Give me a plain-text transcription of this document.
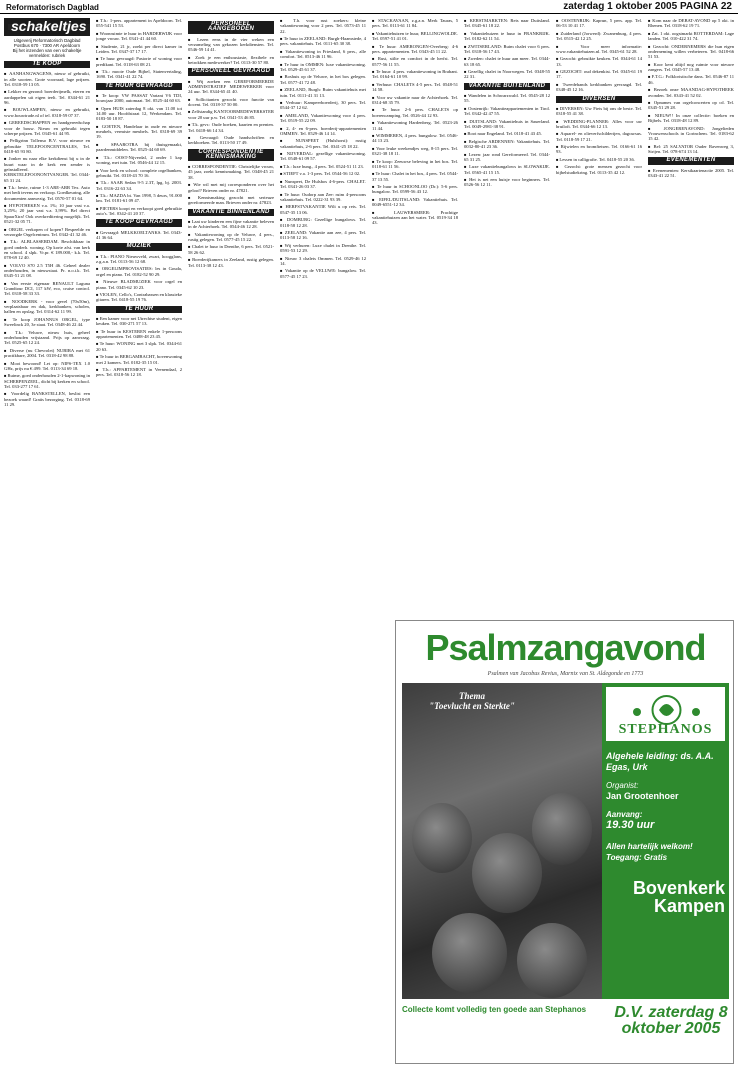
Reformatorisch Dagblad	zaterdag 1 oktober 2005 PAGINA 22
schakeltjes
Uitgeverij Reformatorisch Dagblad
Postbus 670 · 7300 AR Apeldoorn
Bij het inzenden van een schakeltje vermelden: rubriek
TE KOOP

■ AANHANGWAGENS, nieuw of gebruikt, in alle soorten. Grote voorraad, lage prijzen. Tel. 0318-59 13 05.

■ Lekker en gezond: boerderijmelk, eieren en aardappelen uit eigen teelt. Tel. 0344-61 21 96.

■ BOUWLAMPEN, nieuw en gebruikt, www.bouwtrade.nl of tel. 0318-59 07 37.

■ GEREEDSCHAPPEN en handgereedschap voor de bouw. Nieuw en gebruikt tegen scherpe prijzen. Tel. 0345-61 44 95.

■ Pelligrinn Tollenso B.V. voor nieuwe en gebruikte TELEFOONCENTRALES, Tel. 0418-65 93 80.

■ Jonker nu naar elke kerkdienst bij u in de buurt waar in de kerk een zender is geïnstalleerd. KERKTELEFOONONTVANGER. Tel. 0344-65 31 24.

■ T.k.: beste, ruime 1-3 ARE-ARR Tex. Auto met bedt tevens en verkoop. Goedkeuring, alle documenten aanwezig. Tel. 0570-57 01 64.

■ HYPOTHEKEN v.a. 1%; 10 jaar vast v.a. 3,25%; 20 jaar vast v.a. 3,99%. Bel direct SpaarXtra! Ook overkreditering mogelijk. Tel. 0521-32 05 71.

■ ORGEL verkopen of kopen? Bespeelde en verzorgde Orgelcentrum. Tel. 0342-41 32 46.

■ T.k.: ALBLASSERDAM. Beschikbaar in goed onderh. woning. Op korte afst. van kerk en school. 4 slpk. Vr.pr. € 189.000,- k.k. Tel. 078-69 12 40.

■ VOLVO S70 2.5 T5H 46. Geheel dealer onderhouden, in nieuwstaat. Pr. n.o.t.k. Tel. 0345-51 21 08.

■ Van eerste eigenaar RENAULT Laguna Grandtour DCI, 117 kW, eco, cruise control. Tel. 0318-58 33 33.

■ NOODKERK - voor gevel (70x50m), verplaatsbaar en dak, kerkbanken, scholen, hallen en opslag. Tel. 0314-62 11 99.

■ Te koop JOHANNUS ORGEL, type Sweelinck 20, 3e staat. Tel. 0348-46 22 44.

■ T.k.: Veluwe, nieuw huis, geheel onderhouden vrijstaand. Prijs op aanvraag. Tel. 0525-65 12 24.

■ Diverse (nu Chevrolet) NUBIRA met 61 practikbare, 2004. Tel. 0318-42 98 88.

■ Mooi bewoond! Let op: NIPS-TEX 1.0 GHz, prijs nu € 499. Tel. 0113-34 69 18.

■ Ruime, goed onderhouden 2-1-kapwoning in SCHERPENZEEL, dicht bij kerken en school. Tel. 033-277 17 61.

■ Voordelig BANKSTELLEN, beslist een bezoek waard! Gratis bezorging. Tel. 0318-69 11 29.

■ T.h.: 1-pers. appartement in Apeldoorn. Tel. 055-541 15 53.

■ Woonruimte te huur in HARDERWIJK voor jonge vrouw. Tel. 0341-41 44 60.

■ Studente, 21 jr, zoekt per direct kamer in Leiden. Tel. 0347-37 17 17.

■ Te huur gevraagd: Pastorie of woning voor predikant. Tel. 0118-63 08 21.

■ T.k.: mooie Oude Bijbel, Statenvertaling, 1690. Tel. 0341-41 22 74.

TE HUUR GEVRAAGD

■ Te koop: VW PASSAT Variant V6 TDI, bouwjaar 2000, automaat. Tel. 0525-44 60 63.

■ Open HUIS zaterdag 8 okt. van 11.00 tot 14.00 uur. Hoofdstraat 12, Werkendam. Tel. 0183-50 18 87.

■ GOETEN, Handelaar in oude en nieuwe meubels, vermiste meubels. Tel. 0318-69 39 19.

■ SPAAROTRA bij thuisgemaakt, paardenmiddelen. Tel. 0525-44 60 69.

■ T.k.: OOST-Nijverdal, 2 onder 1 kap woning, met tuin. Tel. 0546-44 12 15.

■ Voor kerk en school: complete orgelbanken, gebruikt. Tel. 0318-43 70 16.

■ T.k.: SAAB Sedan 9-5 2.3T, lpg, bj. 2003. Tel. 0316-22 63 34.

■ T.k.: MAZDA bt. Van 1998, 5 deurs, 91.000 km. Tel. 0181-61 09 47.

■ PIETERS koopt en verkoopt goed gebruikte auto's. Tel. 0342-41 20 37.

TE KOOP GEVRAAGD

■ Gevraagd: MELKKOELTANKS. Tel. 0343-41 36 64.

MUZIEK

■ T.k.: PIANO Nieuwveld, zwart, hoogglans, z.g.a.n. Tel. 0113-56 12 68.

■ ORGELIMPROVISATIES: les in Gouda, orgel en piano. Tel. 0182-52 90 29.

■ Nieuwe BLADMUZIEK voor orgel en piano. Tel. 0345-62 10 23.

■ VIOLEN, Cello's, Contrabassen en klassieke gitaren. Tel. 0418-55 19 76.

TE HUUR

■ Een kamer voor net Utrechtse student, eigen keuken. Tel. 030-271 57 13.

■ Te huur in KESTEREN enkele 1-persoons appartementen. Tel. 0488-48 23 45.

■ Te huur: WONING met 3 slpk. Tel. 0344-61 20 63.

■ Te huur in BERGAMBACHT, bovenwoning met 2 kamers. Tel. 0182-35 15 01.

■ T.h.: APPARTEMENT in Veenendaal, 2 pers. Tel. 0318-56 12 18.

PERSONEEL AANGEBODEN

■ Lezen eens in de vier weken een verzameling van gekozen kerkdiensten. Tel. 0546-59 14 41.

■ Zoek je een enthousiaste, flexibele en betrokken medewerker? Tel. 0113-30 57 80.

PERSONEEL GEVRAAGD

■ Wij zoeken een GEREFORMEERDE ADMINISTRATIEF MEDEWERKER voor 24 uur. Tel. 0344-65 41 40.

■ Sollicitanten gezocht voor functie van docent. Tel. 0318-37 50 00.

■ Zelfstandig KANTOORMEDEWERKSTER voor 20 uur p.w. Tel. 0341-53 46 85.

■ T.k. gevr.: Oude boeken, kaarten en prenten. Tel. 0418-66 14 34.

■ Gevraagd: Oude handschriften en kerkboeken. Tel. 0113-50 17 49.

CORRESPONDENTIE KENNISMAKING

■ CORRESPONDENTIE: Christelijke vrouw, 45 jaar, zoekt kennismaking. Tel. 0348-45 21 38.

■ Wie wil met mij corresponderen over het geloof? Brieven onder nr. 47821.

■ Kennismaking gezocht met serieuze gereformeerde man. Brieven onder nr. 47823.

VAKANTIE BINNENLAND

■ Laat uw kinderen een fijne vakantie beleven in de Achterhoek. Tel. 0544-46 12 28.

■ Vakantiewoning op de Veluwe, 4 pers., rustig gelegen. Tel. 0577-45 15 22.

■ Chalet te huur in Drenthe, 6 pers. Tel. 0521-58 26 62.

■ Boerderijkamers in Zeeland, rustig gelegen. Tel. 0113-38 12 43.

■ T.h. voor rust zoekers: kleine vakantiewoning voor 2 pers. Tel. 0573-45 11 22.

■ Te huur in ZEELAND: Burgh-Haamstede, 4 pers. vakantiehuis. Tel. 0111-65 30 38.

■ Vakantiewoning in Friesland, 6 pers., alle comfort. Tel. 0513-46 11 96.

■ Te huur in OMMEN: luxe vakantiewoning. Tel. 0529-45 61 37.

■ Boshuis op de Veluwe, in het bos gelegen. Tel. 0577-41 72 48.

■ ZEELAND, Burgh: Ruim vakantiehuis met tuin. Tel. 0111-41 31 13.

■ Verhuur: Kampeerboerderij, 30 pers. Tel. 0544-37 12 62.

■ AMELAND, Vakantiewoning voor 4 pers. Tel. 0519-55 22 09.

■ 2, 4- en 6-pers. boerderij-appartementen OMMEN. Tel. 0529-46 14 14.

■ NUNSPEET (Hulshorst): rustig vakantiehuis, 2-6 pers. Tel. 0341-25 18 22.

■ NIJVERDAL: gezellige vakantiewoning. Tel. 0548-61 09 57.

■ T.h.: luxe bung., 4 pers. Tel. 0524-51 11 23.

■ STIEFT v.a. 1-3 pers. Tel. 0544-56 12 02.

■ Nunspeet, De Hulsbos 4-6-pers. CHALET. Tel. 0341-26 03 37.

■ Te huur: Oudorp aan Zee: ruim 4-persoons vakantiehuis. Tel. 0222-31 93 39.

■ HERFSTVAKANTIE Wilt u op reis. Tel. 0547-35 13 06.

■ DOMBURG: Gezellige bungalows. Tel. 0118-58 12 28.

■ ZEELAND: Vakantie aan zee, 4 pers. Tel. 0113-58 12 16.

■ Wij verhuren: Luxe chalet in Drenthe. Tel. 0591-53 12 29.

■ Nieuw 3 chalets Ommen. Tel. 0529-46 12 14.

■ Vakantie op de VELUWE: bungalow. Tel. 0577-45 17 23.

■ STACKAVAAN, z.g.a.n. Merk Tauras, 5 pers. Tel. 0113-61 11 84.

■ Vakantiehuizen te huur, BELLINGWOLDE. Tel. 0597-51 41 01.

■ Te huur: AMERONGEN-Overberg: 4-6 pers. appartementen. Tel. 0343-45 11 22.

■ Rust, stilte en comfort in de herfst. Tel. 0577-56 11 55.

■ Te huur: 4 pers. vakantiewoning in Brabant. Tel. 0164-61 10 99.

■ Verhuur: CHALETS 4-5 pers. Tel. 0548-51 14 58.

■ Voor uw vakantie naar de Achterhoek. Tel. 0314-68 35 79.

■ Te huur: 2-6 pers. CHALETS op boerencamping. Tel. 0526-44 12 93.

■ Vakantiewoning Hardenberg. Tel. 0523-26 11 44.

■ WIMMEREN, 4 pers. bungalow. Tel. 0546-44 13 23.

■ Voor leuke weekendjes weg, 8-15 pers. Tel. 0321-38 18 11.

■ Te koop: Zeeuwse beleving in het bos. Tel. 0118-61 11 56.

■ Te huur: Chalet in het bos, 4 pers. Tel. 0544-37 13 55.

■ Te huur in SCHOONLOO (Dr.): 5-6 pers. bungalow. Tel. 0599-56 43 12.

■ EIFEL/DUITSLAND: Vakantiehuis. Tel. 0049-6551-12 34.

■ LAUWERSMEER: Prachtige vakantiehuizen aan het water. Tel. 0519-34 18 43.

■ KERSTMARKTEN: Reis naar Duitsland. Tel. 0345-61 18 22.

■ Vakantiehuizen te huur in FRANKRIJK. Tel. 0182-62 11 54.

■ ZWITSERLAND: Ruim chalet voor 6 pers. Tel. 0318-56 17 43.

■ Zweden: chalet te huur aan meer. Tel. 0344-63 18 65.

■ Gezellig chalet in Noorwegen. Tel. 0348-55 22 31.

VAKANTIE BUITENLAND

■ Wandelen in Schwarzwald. Tel. 0545-28 12 55.

■ Oostenrijk: Vakantieappartementen in Tirol. Tel. 0342-42 47 55.

■ DUITSLAND: Vakantiehuis in Sauerland. Tel. 0049-2981-38 91.

■ Boot naar Engeland. Tel. 0118-41 43 45.

■ Belgische ARDENNEN: Vakantiehuis. Tel. 0032-80-41 23 36.

■ Lezen: jaar rond Gereformeerd. Tel. 0344-65 31 25.

■ Luxe vakantiebungalows in SLOWAKIJE. Tel. 0565-41 15 15.

■ Het is net een huisje voor beginners. Tel. 0526-56 12 11.

■ OOSTENRIJK: Kaprun, 5 pers. app. Tel. 06-53 10 41 17.

■ Zuiderland (Jorwerd): Zwanenburg, 4 pers. Tel. 0515-42 12 25.

■ Voor meer informatie: www.vakantiehuizen.nl. Tel. 0345-61 52 28.

■ Gezocht: gebruikte keuken. Tel. 0344-61 14 13.

■ GEZOCHT: oud dekenkist. Tel. 0345-61 19 17.

■ Tweedehands kerkbanken gevraagd. Tel. 0348-45 12 16.

DIVERSEN

■ DIVERSEN: Uw Fiets bij ons de beste. Tel. 0318-55 41 38.

■ WEDDING-PLANNER: Alles voor uw bruiloft. Tel. 0344-66 12 13.

■ Aquarel- en olieverfschilderijen, dagcursus. Tel. 0118-59 17 21.

■ Rijwielen en bromfietsen. Tel. 0166-61 16 93.

■ Lessen in calligrafie. Tel. 0418-55 20 36.

■ Gezocht: grote mensen gezocht voor bijbelstudiekring. Tel. 0113-35 42 12.

■ Kom naar de DEBAT-AVOND op 5 okt. in Rhenen. Tel. 0318-62 19 71.

■ Zat. 1 okt. oogstmarkt ROTTERDAM: Lage landen. Tel. 010-422 31 74.

■ Gezocht: ONDERNEMERS die hun eigen onderneming willen verbeteren. Tel. 0418-66 51 53.

■ Koor kent altijd nog ruimte voor nieuwe zangers. Tel. 0345-57 13 48.

■ F.T.G.: Folkloristische dans. Tel. 0546-87 11 46.

■ Bezoek onze MAANDAG-HYPOTHEEK avonden. Tel. 0343-41 52 02.

■ Opnames van orgelconcerten op cd. Tel. 0345-51 29 28.

■ NIEUW!! In onze collectie: boeken en Bijbels. Tel. 0318-48 12 89.

■ JONGERENAVOND: Jongelieden Vrouwenschools in Gorinchem. Tel. 0183-62 15 42.

■ Bel: 25 SALVATOR Ouder Ravenweg 3, Strijen. Tel. 078-674 13 14.

EVENEMENTEN

■ Evenementen: Kerstkaartenactie 2005. Tel. 0343-41 22 51.

Psalmzangavond
Psalmen van Jacobus Revius, Marnix van St. Aldegonde en 1773
Thema
"Toevlucht en Sterkte"
STEPHANOS
Algehele leiding: ds. A.A. Egas, Urk
Organist:
Jan Grootenhoer
Aanvang:
19.30 uur
Allen hartelijk welkom! Toegang: Gratis
Bovenkerk Kampen
Collecte komt volledig ten goede aan Stephanos	D.V. zaterdag 8 oktober 2005
